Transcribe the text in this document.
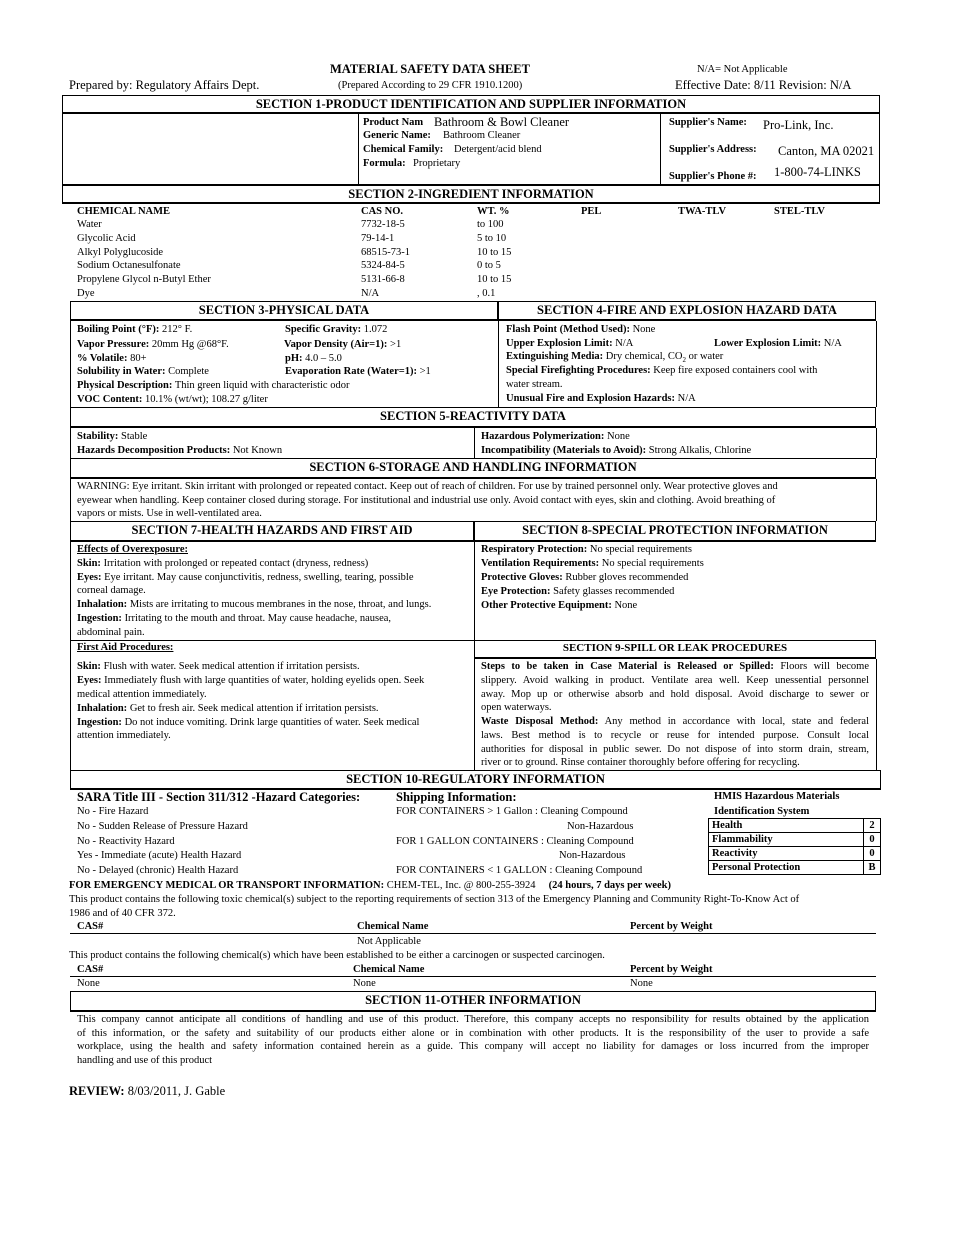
MATERIAL SAFETY DATA SHEET
(Prepared According to 29 CFR 1910.1200)
N/A= Not Applicable
Prepared by: Regulatory Affairs Dept.	Effective Date: 8/11 Revision: N/A
SECTION 1-PRODUCT IDENTIFICATION AND SUPPLIER INFORMATION
Product Nam Bathroom & Bowl Cleaner
Generic Name: Bathroom Cleaner
Chemical Family: Detergent/acid blend
Formula: Proprietary
Supplier's Name: Pro-Link, Inc.
Supplier's Address: Canton, MA 02021
Supplier's Phone #: 1-800-74-LINKS
SECTION 2-INGREDIENT INFORMATION
CHEMICAL NAME	CAS NO.	WT. %	PEL	TWA-TLV	STEL-TLV
Water	7732-18-5	to 100
Glycolic Acid	79-14-1	5 to 10
Alkyl Polyglucoside	68515-73-1	10 to 15
Sodium Octanesulfonate	5324-84-5	0 to 5
Propylene Glycol n-Butyl Ether	5131-66-8	10 to 15
Dye	N/A	, 0.1
SECTION 3-PHYSICAL DATA	SECTION 4-FIRE AND EXPLOSION HAZARD DATA
Boiling Point (°F): 212° F.	Specific Gravity: 1.072
Vapor Pressure: 20mm Hg @68°F.	Vapor Density (Air=1): >1
% Volatile: 80+	pH: 4.0 – 5.0
Solubility in Water: Complete	Evaporation Rate (Water=1): >1
Physical Description: Thin green liquid with characteristic odor
VOC Content: 10.1% (wt/wt); 108.27 g/liter
Flash Point (Method Used): None
Upper Explosion Limit: N/A	Lower Explosion Limit: N/A
Extinguishing Media: Dry chemical, $CO_2$ or water
Special Firefighting Procedures: Keep fire exposed containers cool with
water stream.
Unusual Fire and Explosion Hazards: N/A
SECTION 5-REACTIVITY DATA
Stability: Stable
Hazards Decomposition Products: Not Known
Hazardous Polymerization: None
Incompatibility (Materials to Avoid): Strong Alkalis, Chlorine
SECTION 6-STORAGE AND HANDLING INFORMATION
WARNING: Eye irritant. Skin irritant with prolonged or repeated contact. Keep out of reach of children. For use by trained personnel only. Wear protective gloves and
eyewear when handling. Keep container closed during storage. For institutional and industrial use only. Avoid contact with eyes, skin and clothing. Avoid breathing of
vapors or mists. Use in well-ventilated area.
SECTION 7-HEALTH HAZARDS AND FIRST AID	SECTION 8-SPECIAL PROTECTION INFORMATION
Effects of Overexposure:
Skin: Irritation with prolonged or repeated contact (dryness, redness)
Eyes: Eye irritant. May cause conjunctivitis, redness, swelling, tearing, possible
corneal damage.
Inhalation: Mists are irritating to mucous membranes in the nose, throat, and lungs.
Ingestion: Irritating to the mouth and throat. May cause headache, nausea,
abdominal pain.
First Aid Procedures:
Skin: Flush with water. Seek medical attention if irritation persists.
Eyes: Immediately flush with large quantities of water, holding eyelids open. Seek
medical attention immediately.
Inhalation: Get to fresh air. Seek medical attention if irritation persists.
Ingestion: Do not induce vomiting. Drink large quantities of water. Seek medical
attention immediately.
Respiratory Protection: No special requirements
Ventilation Requirements: No special requirements
Protective Gloves: Rubber gloves recommended
Eye Protection: Safety glasses recommended
Other Protective Equipment: None
SECTION 9-SPILL OR LEAK PROCEDURES
Steps to be taken in Case Material is Released or Spilled: Floors will become
slippery. Avoid walking in product. Ventilate area well. Keep unessential personnel
away. Mop up or otherwise absorb and hold disposal. Avoid discharge to sewer or
open waterways.
Waste Disposal Method: Any method in accordance with local, state and federal
laws. Best method is to recycle or reuse for intended purpose. Consult local
authorities for disposal in public sewer. Do not dispose of into storm drain, stream,
river or to ground. Rinse container thoroughly before offering for recycling.
SECTION 10-REGULATORY INFORMATION
SARA Title III - Section 311/312 -Hazard Categories:
No - Fire Hazard
No - Sudden Release of Pressure Hazard
No - Reactivity Hazard
Yes - Immediate (acute) Health Hazard
No - Delayed (chronic) Health Hazard
Shipping Information:
FOR CONTAINERS > 1 Gallon : Cleaning Compound
Non-Hazardous
FOR 1 GALLON CONTAINERS : Cleaning Compound
Non-Hazardous
FOR CONTAINERS < 1 GALLON : Cleaning Compound
HMIS Hazardous Materials
Identification System
Health	2
Flammability	0
Reactivity	0
Personal Protection	B
FOR EMERGENCY MEDICAL OR TRANSPORT INFORMATION: CHEM-TEL, Inc. @ 800-255-3924 (24 hours, 7 days per week)
This product contains the following toxic chemical(s) subject to the reporting requirements of section 313 of the Emergency Planning and Community Right-To-Know Act of
1986 and of 40 CFR 372.
CAS#	Chemical Name	Percent by Weight
Not Applicable
This product contains the following chemical(s) which have been established to be either a carcinogen or suspected carcinogen.
CAS#	Chemical Name	Percent by Weight
None	None	None
SECTION 11-OTHER INFORMATION
This company cannot anticipate all conditions of handling and use of this product. Therefore, this company accepts no responsibility for results obtained by the application
of this information, or the safety and suitability of our products either alone or in combination with other products. It is the responsibility of the user to provide a safe
workplace, using the health and safety information contained herein as a guide. This company will accept no liability for damages or loss incurred from the improper
handling and use of this product
REVIEW: 8/03/2011, J. Gable
